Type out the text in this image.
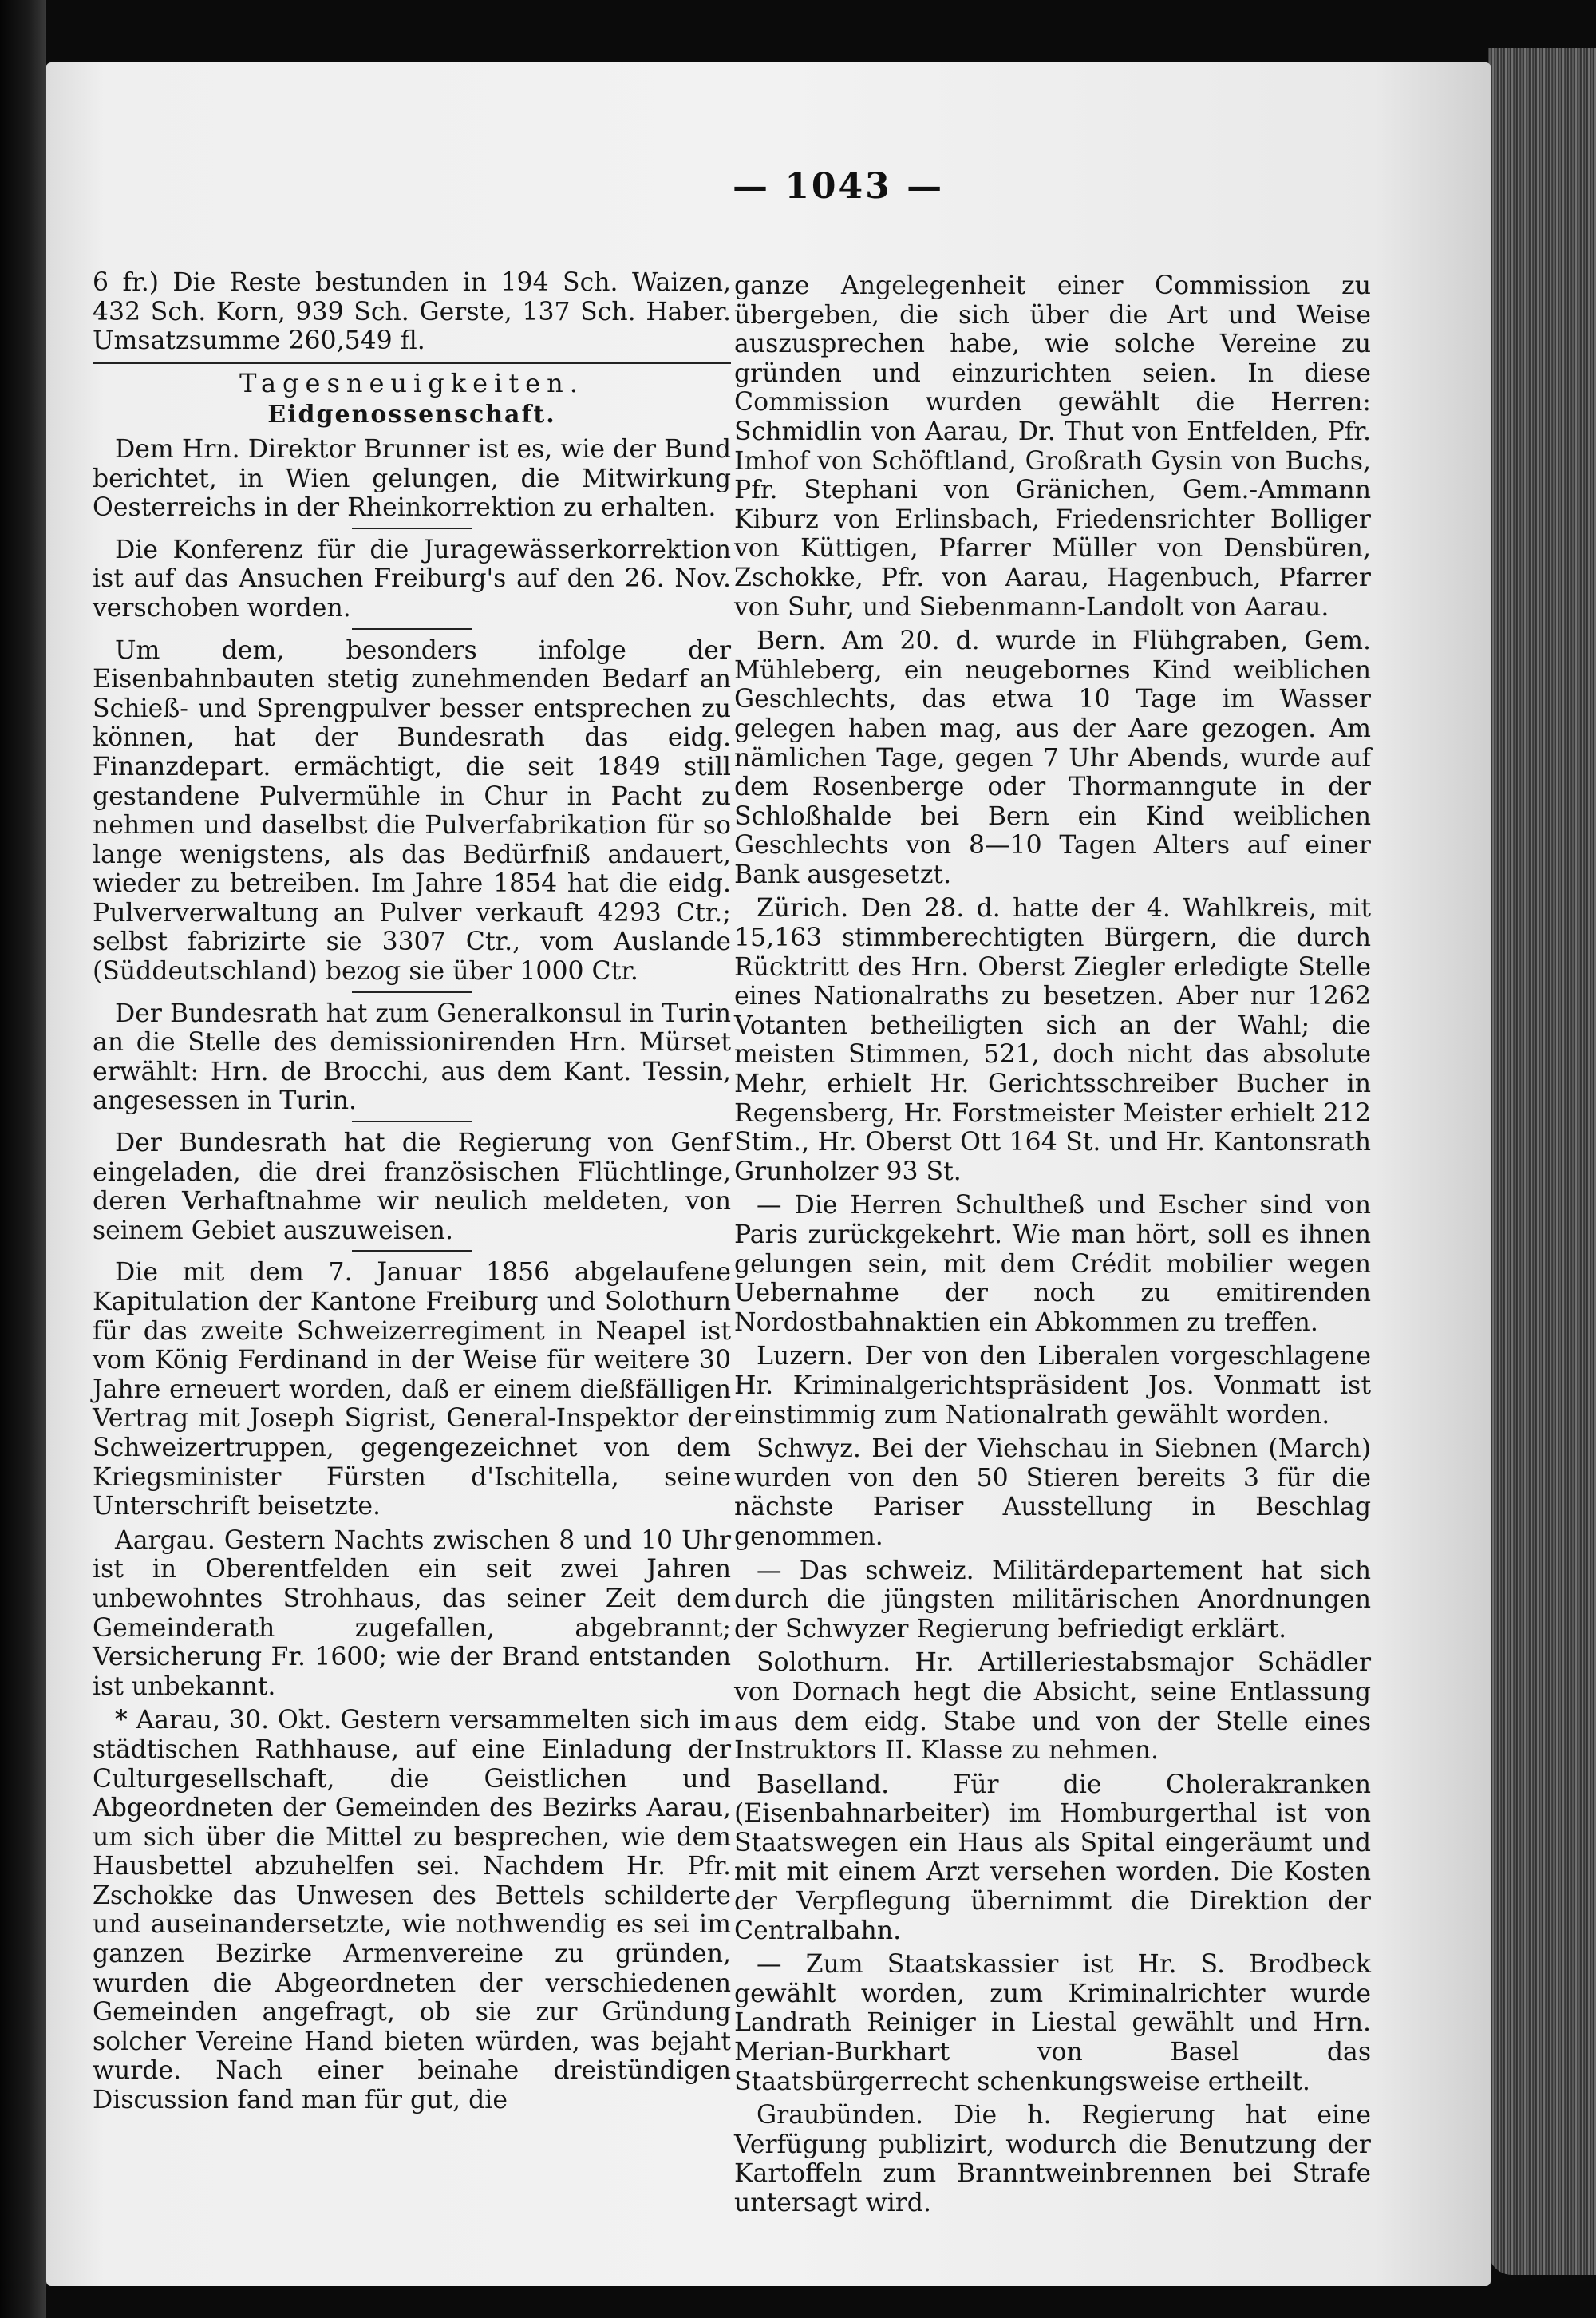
— 1043 —

6 fr.) Die Reste bestunden in 194 Sch. Waizen, 432 Sch. Korn, 939 Sch. Gerste, 137 Sch. Haber. Umsatzsumme 260,549 fl.

Tagesneuigkeiten.
Eidgenossenschaft.

Dem Hrn. Direktor Brunner ist es, wie der Bund berichtet, in Wien gelungen, die Mitwirkung Oesterreichs in der Rheinkorrektion zu erhalten.

Die Konferenz für die Juragewässerkorrektion ist auf das Ansuchen Freiburg's auf den 26. Nov. verschoben worden.

Um dem, besonders infolge der Eisenbahnbauten stetig zunehmenden Bedarf an Schieß- und Sprengpulver besser entsprechen zu können, hat der Bundesrath das eidg. Finanzdepart. ermächtigt, die seit 1849 still gestandene Pulvermühle in Chur in Pacht zu nehmen und daselbst die Pulverfabrikation für so lange wenigstens, als das Bedürfniß andauert, wieder zu betreiben. Im Jahre 1854 hat die eidg. Pulververwaltung an Pulver verkauft 4293 Ctr.; selbst fabrizirte sie 3307 Ctr., vom Auslande (Süddeutschland) bezog sie über 1000 Ctr.

Der Bundesrath hat zum Generalkonsul in Turin an die Stelle des demissionirenden Hrn. Mürset erwählt: Hrn. de Brocchi, aus dem Kant. Tessin, angesessen in Turin.

Der Bundesrath hat die Regierung von Genf eingeladen, die drei französischen Flüchtlinge, deren Verhaftnahme wir neulich meldeten, von seinem Gebiet auszuweisen.

Die mit dem 7. Januar 1856 abgelaufene Kapitulation der Kantone Freiburg und Solothurn für das zweite Schweizerregiment in Neapel ist vom König Ferdinand in der Weise für weitere 30 Jahre erneuert worden, daß er einem dießfälligen Vertrag mit Joseph Sigrist, General-Inspektor der Schweizertruppen, gegengezeichnet von dem Kriegsminister Fürsten d'Ischitella, seine Unterschrift beisetzte.

Aargau. Gestern Nachts zwischen 8 und 10 Uhr ist in Oberentfelden ein seit zwei Jahren unbewohntes Strohhaus, das seiner Zeit dem Gemeinderath zugefallen, abgebrannt; Versicherung Fr. 1600; wie der Brand entstanden ist unbekannt.

* Aarau, 30. Okt. Gestern versammelten sich im städtischen Rathhause, auf eine Einladung der Culturgesellschaft, die Geistlichen und Abgeordneten der Gemeinden des Bezirks Aarau, um sich über die Mittel zu besprechen, wie dem Hausbettel abzuhelfen sei. Nachdem Hr. Pfr. Zschokke das Unwesen des Bettels schilderte und auseinandersetzte, wie nothwendig es sei im ganzen Bezirke Armenvereine zu gründen, wurden die Abgeordneten der verschiedenen Gemeinden angefragt, ob sie zur Gründung solcher Vereine Hand bieten würden, was bejaht wurde. Nach einer beinahe dreistündigen Discussion fand man für gut, die

ganze Angelegenheit einer Commission zu übergeben, die sich über die Art und Weise auszusprechen habe, wie solche Vereine zu gründen und einzurichten seien. In diese Commission wurden gewählt die Herren: Schmidlin von Aarau, Dr. Thut von Entfelden, Pfr. Imhof von Schöftland, Großrath Gysin von Buchs, Pfr. Stephani von Gränichen, Gem.-Ammann Kiburz von Erlinsbach, Friedensrichter Bolliger von Küttigen, Pfarrer Müller von Densbüren, Zschokke, Pfr. von Aarau, Hagenbuch, Pfarrer von Suhr, und Siebenmann-Landolt von Aarau.

Bern. Am 20. d. wurde in Flühgraben, Gem. Mühleberg, ein neugebornes Kind weiblichen Geschlechts, das etwa 10 Tage im Wasser gelegen haben mag, aus der Aare gezogen. Am nämlichen Tage, gegen 7 Uhr Abends, wurde auf dem Rosenberge oder Thormanngute in der Schloßhalde bei Bern ein Kind weiblichen Geschlechts von 8—10 Tagen Alters auf einer Bank ausgesetzt.

Zürich. Den 28. d. hatte der 4. Wahlkreis, mit 15,163 stimmberechtigten Bürgern, die durch Rücktritt des Hrn. Oberst Ziegler erledigte Stelle eines Nationalraths zu besetzen. Aber nur 1262 Votanten betheiligten sich an der Wahl; die meisten Stimmen, 521, doch nicht das absolute Mehr, erhielt Hr. Gerichtsschreiber Bucher in Regensberg, Hr. Forstmeister Meister erhielt 212 Stim., Hr. Oberst Ott 164 St. und Hr. Kantonsrath Grunholzer 93 St.

— Die Herren Schultheß und Escher sind von Paris zurückgekehrt. Wie man hört, soll es ihnen gelungen sein, mit dem Crédit mobilier wegen Uebernahme der noch zu emitirenden Nordostbahnaktien ein Abkommen zu treffen.

Luzern. Der von den Liberalen vorgeschlagene Hr. Kriminalgerichtspräsident Jos. Vonmatt ist einstimmig zum Nationalrath gewählt worden.

Schwyz. Bei der Viehschau in Siebnen (March) wurden von den 50 Stieren bereits 3 für die nächste Pariser Ausstellung in Beschlag genommen.

— Das schweiz. Militärdepartement hat sich durch die jüngsten militärischen Anordnungen der Schwyzer Regierung befriedigt erklärt.

Solothurn. Hr. Artilleriestabsmajor Schädler von Dornach hegt die Absicht, seine Entlassung aus dem eidg. Stabe und von der Stelle eines Instruktors II. Klasse zu nehmen.

Baselland. Für die Cholerakranken (Eisenbahnarbeiter) im Homburgerthal ist von Staatswegen ein Haus als Spital eingeräumt und mit mit einem Arzt versehen worden. Die Kosten der Verpflegung übernimmt die Direktion der Centralbahn.

— Zum Staatskassier ist Hr. S. Brodbeck gewählt worden, zum Kriminalrichter wurde Landrath Reiniger in Liestal gewählt und Hrn. Merian-Burkhart von Basel das Staatsbürgerrecht schenkungsweise ertheilt.

Graubünden. Die h. Regierung hat eine Verfügung publizirt, wodurch die Benutzung der Kartoffeln zum Branntweinbrennen bei Strafe untersagt wird.
